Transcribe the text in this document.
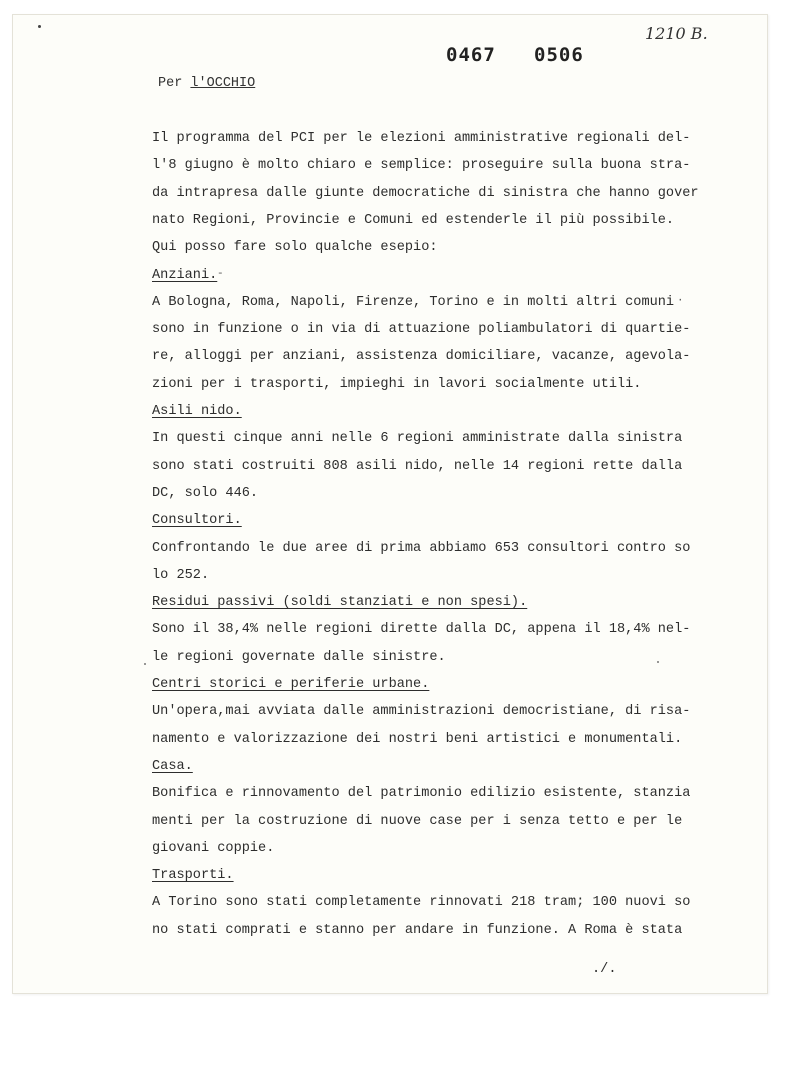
0467 0506
1210 B.
Per l'OCCHIO
Il programma del PCI per le elezioni amministrative regionali del-
l'8 giugno è molto chiaro e semplice: proseguire sulla buona stra-
da intrapresa dalle giunte democratiche di sinistra che hanno gover
nato Regioni, Provincie e Comuni ed estenderle il più possibile.
Qui posso fare solo qualche esepio:
Anziani.
A Bologna, Roma, Napoli, Firenze, Torino e in molti altri comuni
sono in funzione o in via di attuazione poliambulatori di quartie-
re, alloggi per anziani, assistenza domiciliare, vacanze, agevola-
zioni per i trasporti, impieghi in lavori socialmente utili.
Asili nido.
In questi cinque anni nelle 6 regioni amministrate dalla sinistra
sono stati costruiti 808 asili nido, nelle 14 regioni rette dalla
DC, solo 446.
Consultori.
Confrontando le due aree di prima abbiamo 653 consultori contro so
lo 252.
Residui passivi (soldi stanziati e non spesi).
Sono il 38,4% nelle regioni dirette dalla DC, appena il 18,4% nel-
le regioni governate dalle sinistre.
Centri storici e periferie urbane.
Un'opera,mai avviata dalle amministrazioni democristiane, di risa-
namento e valorizzazione dei nostri beni artistici e monumentali.
Casa.
Bonifica e rinnovamento del patrimonio edilizio esistente, stanzia
menti per la costruzione di nuove case per i senza tetto e per le
giovani coppie.
Trasporti.
A Torino sono stati completamente rinnovati 218 tram; 100 nuovi so
no stati comprati e stanno per andare in funzione. A Roma è stata
./.
-
·
